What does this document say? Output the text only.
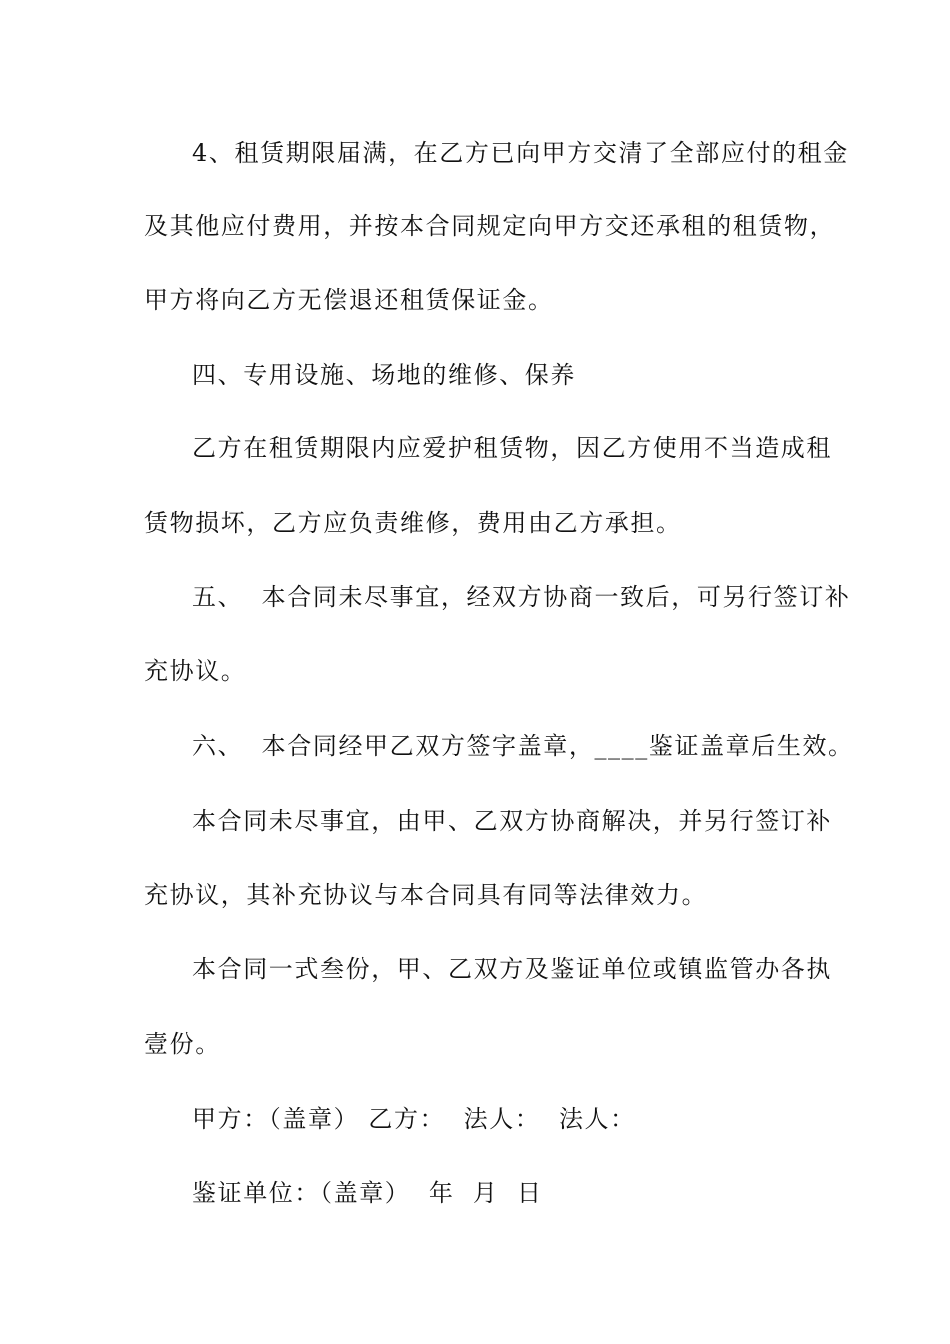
4、租赁期限届满，在乙方已向甲方交清了全部应付的租金
及其他应付费用，并按本合同规定向甲方交还承租的租赁物，
甲方将向乙方无偿退还租赁保证金。
四、专用设施、场地的维修、保养
乙方在租赁期限内应爱护租赁物，因乙方使用不当造成租
赁物损坏，乙方应负责维修，费用由乙方承担。
五、  本合同未尽事宜，经双方协商一致后，可另行签订补
充协议。
六、  本合同经甲乙双方签字盖章，____鉴证盖章后生效。
本合同未尽事宜，由甲、乙双方协商解决，并另行签订补
充协议，其补充协议与本合同具有同等法律效力。
本合同一式叁份，甲、乙双方及鉴证单位或镇监管办各执
壹份。
甲方：（盖章） 乙方：  法人：  法人：
鉴证单位：（盖章）  年  月  日
